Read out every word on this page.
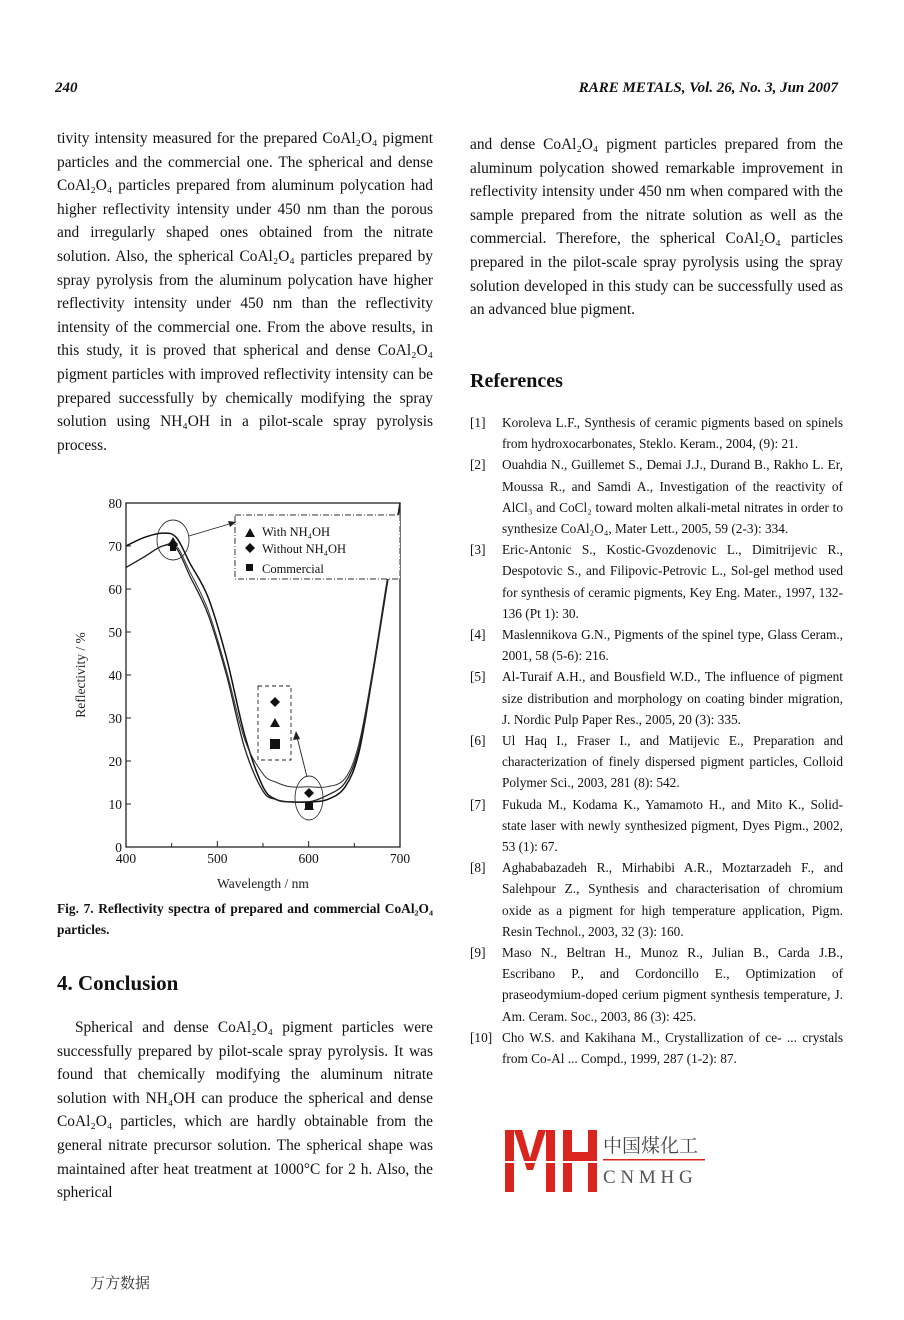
240	RARE METALS, Vol. 26, No. 3, Jun 2007

tivity intensity measured for the prepared CoAl₂O₄ pigment particles and the commercial one. The spherical and dense CoAl₂O₄ particles prepared from aluminum polycation had higher reflectivity intensity under 450 nm than the porous and irregularly shaped ones obtained from the nitrate solution. Also, the spherical CoAl₂O₄ particles prepared by spray pyrolysis from the aluminum polycation have higher reflectivity intensity under 450 nm than the reflectivity intensity of the commercial one. From the above results, in this study, it is proved that spherical and dense CoAl₂O₄ pigment particles with improved reflectivity intensity can be prepared successfully by chemically modifying the spray solution using NH₄OH in a pilot-scale spray pyrolysis process.

0
10
20
30
40
50
60
70
80
400	500	600	700
With NH₄OH
Without NH₄OH
Commercial
Wavelength / nm
Reflectivity / %
Fig. 7. Reflectivity spectra of prepared and commercial CoAl₂O₄ particles.
4. Conclusion

Spherical and dense CoAl₂O₄ pigment particles were successfully prepared by pilot-scale spray pyrolysis. It was found that chemically modifying the aluminum nitrate solution with NH₄OH can produce the spherical and dense CoAl₂O₄ particles, which are hardly obtainable from the general nitrate precursor solution. The spherical shape was maintained after heat treatment at 1000°C for 2 h. Also, the spherical

and dense CoAl₂O₄ pigment particles prepared from the aluminum polycation showed remarkable improvement in reflectivity intensity under 450 nm when compared with the sample prepared from the nitrate solution as well as the commercial. Therefore, the spherical CoAl₂O₄ particles prepared in the pilot-scale spray pyrolysis using the spray solution developed in this study can be successfully used as an advanced blue pigment.

References
[1]	Koroleva L.F., Synthesis of ceramic pigments based on spinels from hydroxocarbonates, Steklo. Keram., 2004, (9): 21.
[2]	Ouahdia N., Guillemet S., Demai J.J., Durand B., Rakho L. Er, Moussa R., and Samdi A., Investigation of the reactivity of AlCl₃ and CoCl₂ toward molten alkali-metal nitrates in order to synthesize CoAl₂O₄, Mater Lett., 2005, 59 (2-3): 334.
[3]	Eric-Antonic S., Kostic-Gvozdenovic L., Dimitrijevic R., Despotovic S., and Filipovic-Petrovic L., Sol-gel method used for synthesis of ceramic pigments, Key Eng. Mater., 1997, 132-136 (Pt 1): 30.
[4]	Maslennikova G.N., Pigments of the spinel type, Glass Ceram., 2001, 58 (5-6): 216.
[5]	Al-Turaif A.H., and Bousfield W.D., The influence of pigment size distribution and morphology on coating binder migration, J. Nordic Pulp Paper Res., 2005, 20 (3): 335.
[6]	Ul Haq I., Fraser I., and Matijevic E., Preparation and characterization of finely dispersed pigment particles, Colloid Polymer Sci., 2003, 281 (8): 542.
[7]	Fukuda M., Kodama K., Yamamoto H., and Mito K., Solid-state laser with newly synthesized pigment, Dyes Pigm., 2002, 53 (1): 67.
[8]	Aghababazadeh R., Mirhabibi A.R., Moztarzadeh F., and Salehpour Z., Synthesis and characterisation of chromium oxide as a pigment for high temperature application, Pigm. Resin Technol., 2003, 32 (3): 160.
[9]	Maso N., Beltran H., Munoz R., Julian B., Carda J.B., Escribano P., and Cordoncillo E., Optimization of praseodymium-doped cerium pigment synthesis temperature, J. Am. Ceram. Soc., 2003, 86 (3): 425.
[10] Cho W.S. and Kakihana M., Crystallization of ce- ... crystals from Co-Al ... Compd., 1999, 287 (1-2): 87.
中国煤化工
C N M H G
万方数据
